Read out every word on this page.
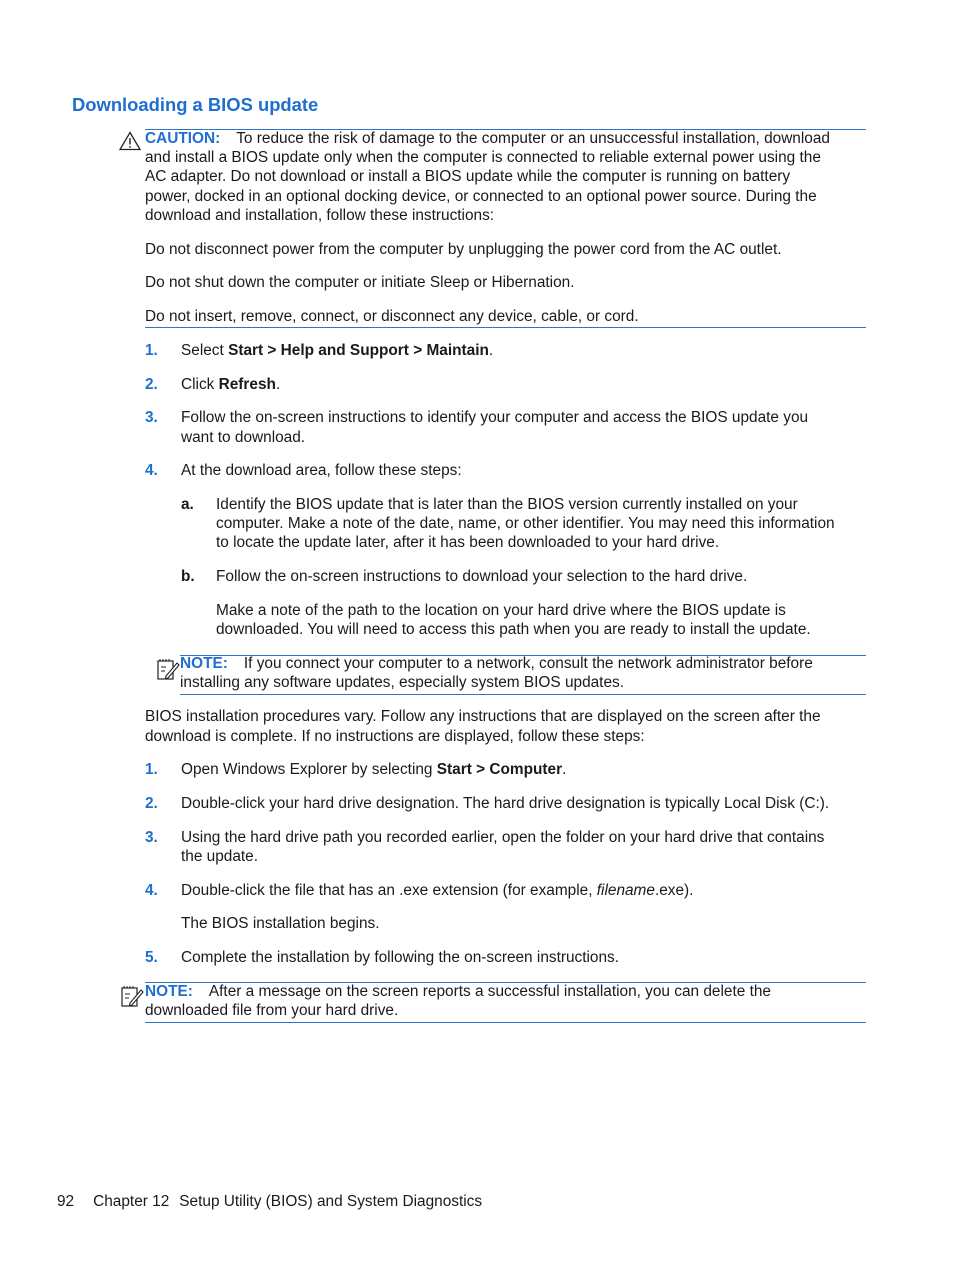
Downloading a BIOS update
CAUTION: To reduce the risk of damage to the computer or an unsuccessful installation, download
and install a BIOS update only when the computer is connected to reliable external power using the
AC adapter. Do not download or install a BIOS update while the computer is running on battery
power, docked in an optional docking device, or connected to an optional power source. During the
download and installation, follow these instructions:
Do not disconnect power from the computer by unplugging the power cord from the AC outlet.
Do not shut down the computer or initiate Sleep or Hibernation.
Do not insert, remove, connect, or disconnect any device, cable, or cord.
1. Select Start > Help and Support > Maintain.
2. Click Refresh.
3. Follow the on-screen instructions to identify your computer and access the BIOS update you
want to download.
4. At the download area, follow these steps:
a. Identify the BIOS update that is later than the BIOS version currently installed on your
computer. Make a note of the date, name, or other identifier. You may need this information
to locate the update later, after it has been downloaded to your hard drive.
b. Follow the on-screen instructions to download your selection to the hard drive.
Make a note of the path to the location on your hard drive where the BIOS update is
downloaded. You will need to access this path when you are ready to install the update.
NOTE: If you connect your computer to a network, consult the network administrator before
installing any software updates, especially system BIOS updates.
BIOS installation procedures vary. Follow any instructions that are displayed on the screen after the
download is complete. If no instructions are displayed, follow these steps:
1. Open Windows Explorer by selecting Start > Computer.
2. Double-click your hard drive designation. The hard drive designation is typically Local Disk (C:).
3. Using the hard drive path you recorded earlier, open the folder on your hard drive that contains
the update.
4. Double-click the file that has an .exe extension (for example, filename.exe).
The BIOS installation begins.
5. Complete the installation by following the on-screen instructions.
NOTE: After a message on the screen reports a successful installation, you can delete the
downloaded file from your hard drive.
92 Chapter 12 Setup Utility (BIOS) and System Diagnostics
